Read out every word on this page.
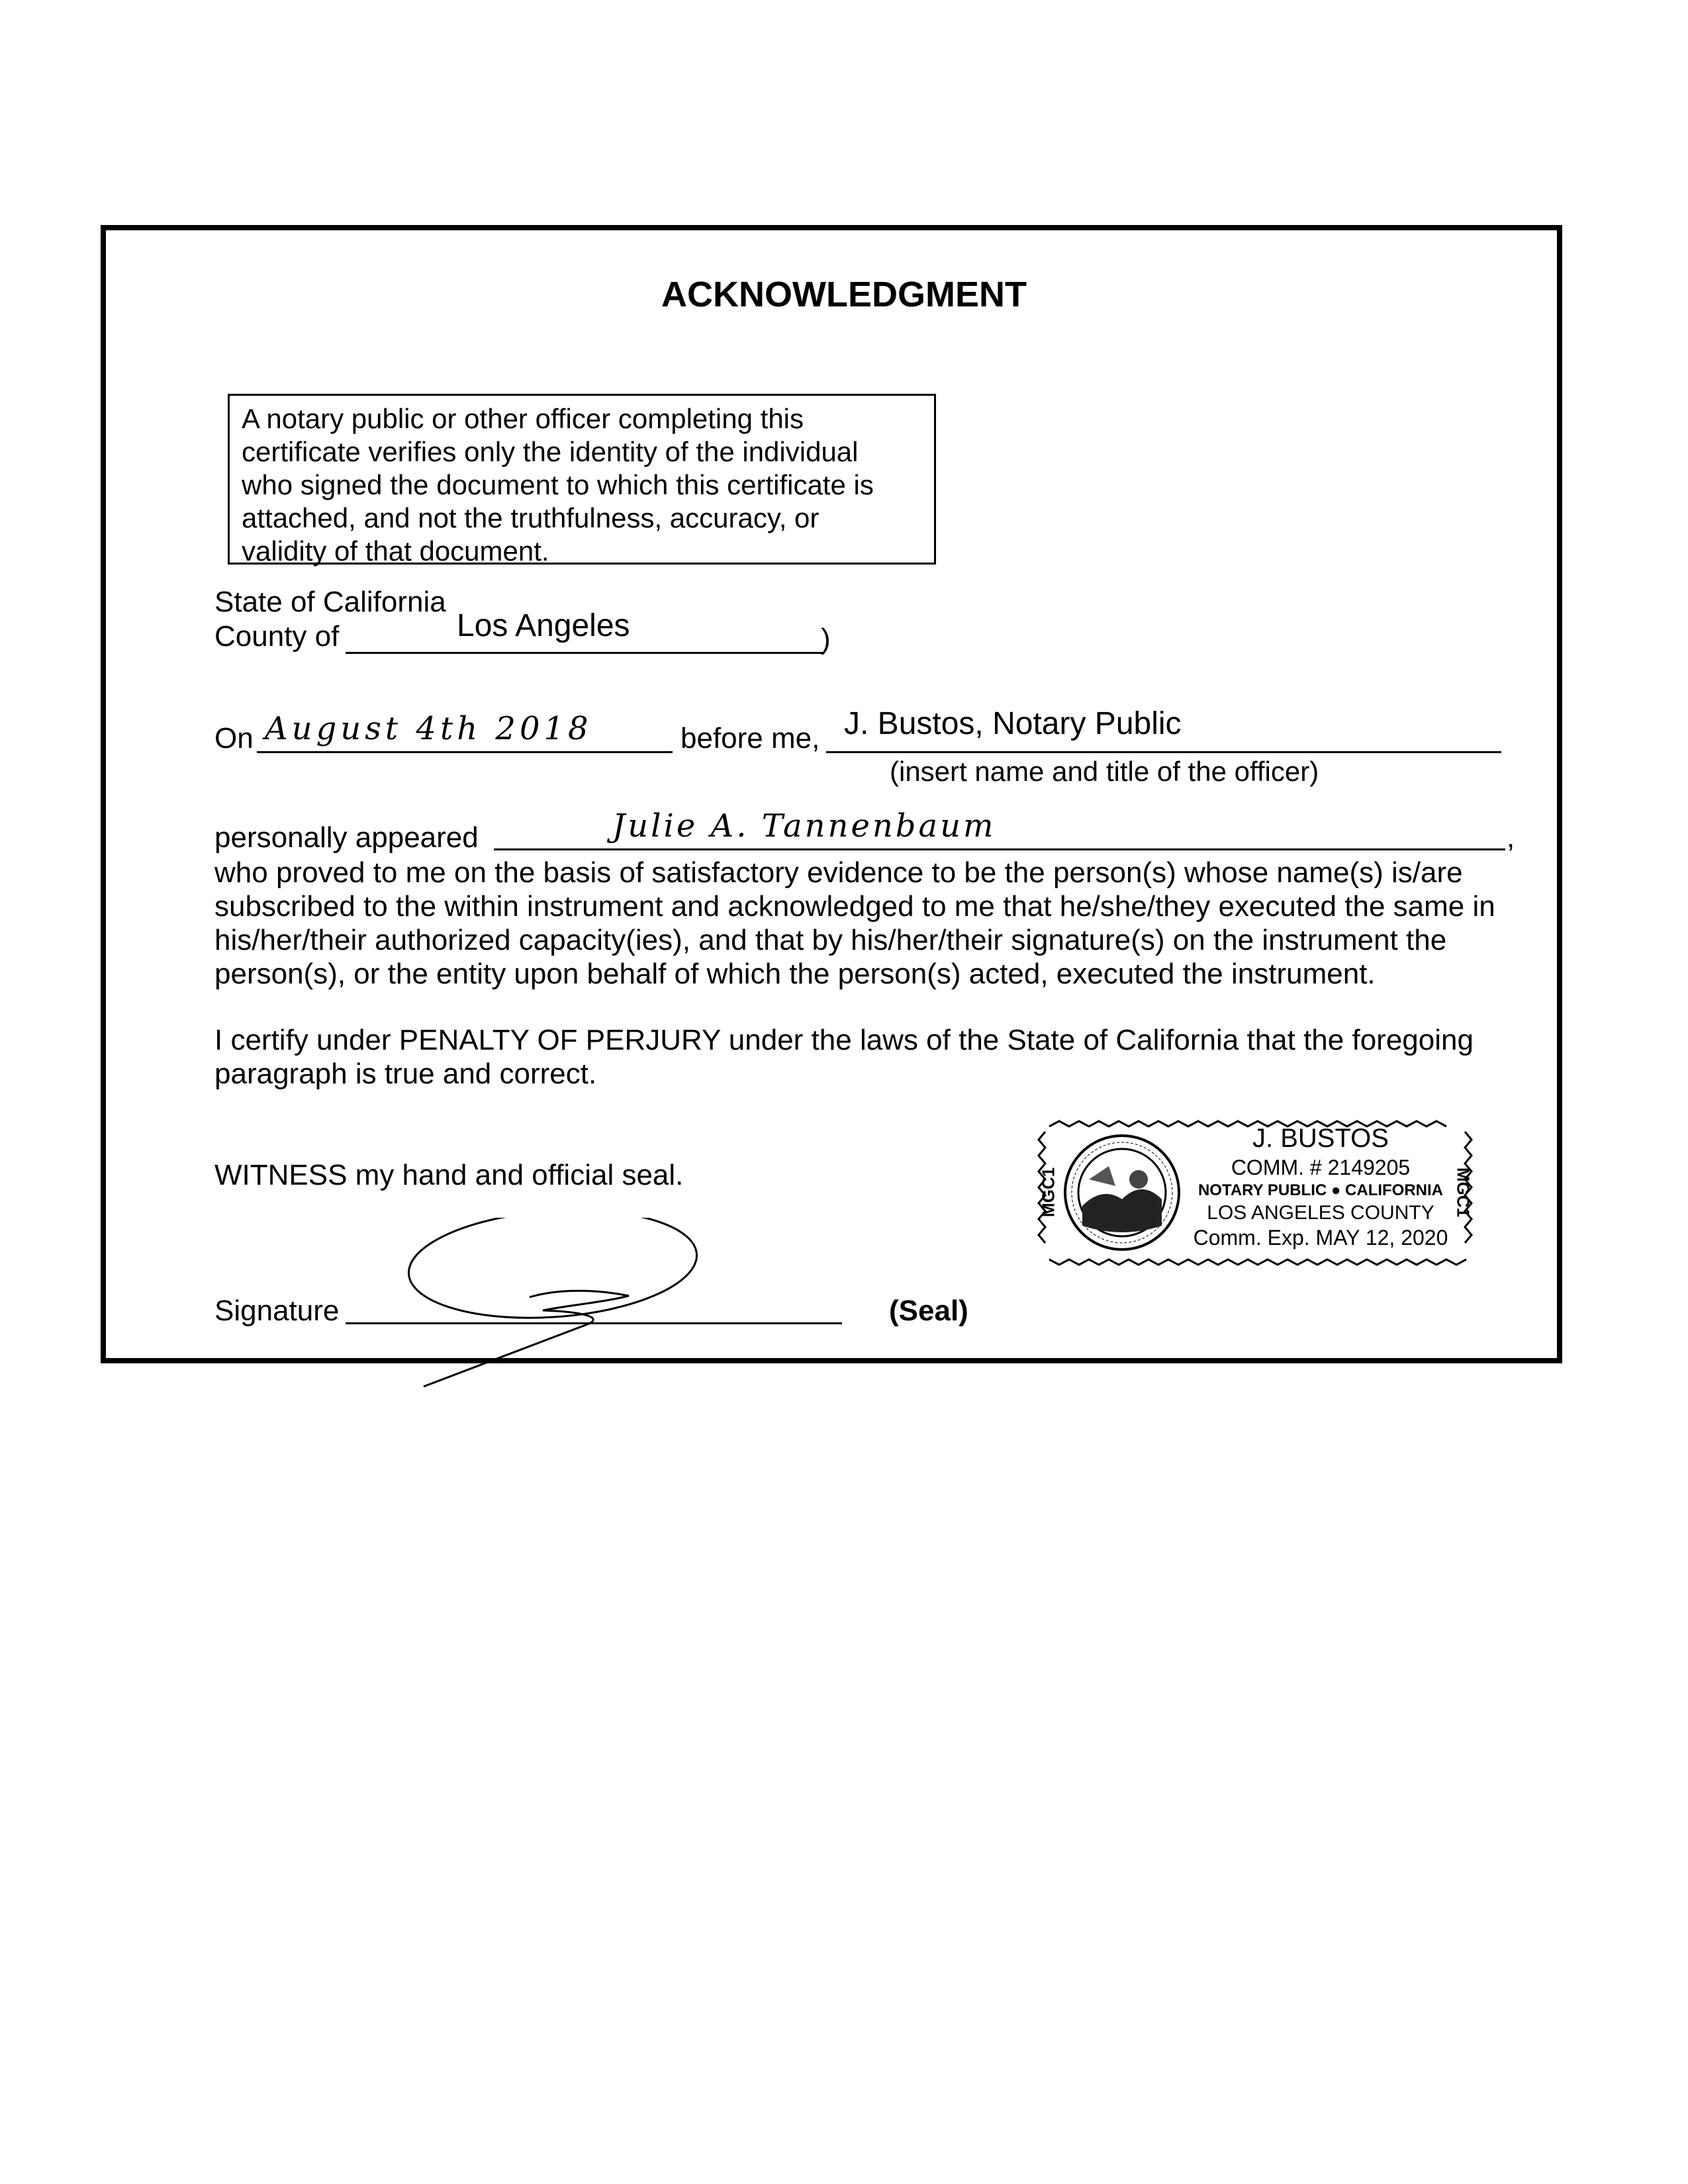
ACKNOWLEDGMENT
A notary public or other officer completing this
certificate verifies only the identity of the individual
who signed the document to which this certificate is
attached, and not the truthfulness, accuracy, or
validity of that document.
State of California
County of	Los Angeles	)
On August 4th 2018	before me, J. Bustos, Notary Public
(insert name and title of the officer)
personally appeared	Julie A. Tannenbaum	,
who proved to me on the basis of satisfactory evidence to be the person(s) whose name(s) is/are
subscribed to the within instrument and acknowledged to me that he/she/they executed the same in
his/her/their authorized capacity(ies), and that by his/her/their signature(s) on the instrument the
person(s), or the entity upon behalf of which the person(s) acted, executed the instrument.
I certify under PENALTY OF PERJURY under the laws of the State of California that the foregoing
paragraph is true and correct.
WITNESS my hand and official seal.
Signature	(Seal)
J. BUSTOS
COMM. # 2149205
NOTARY PUBLIC ● CALIFORNIA
LOS ANGELES COUNTY
Comm. Exp. MAY 12, 2020
MGC1	MGC1
